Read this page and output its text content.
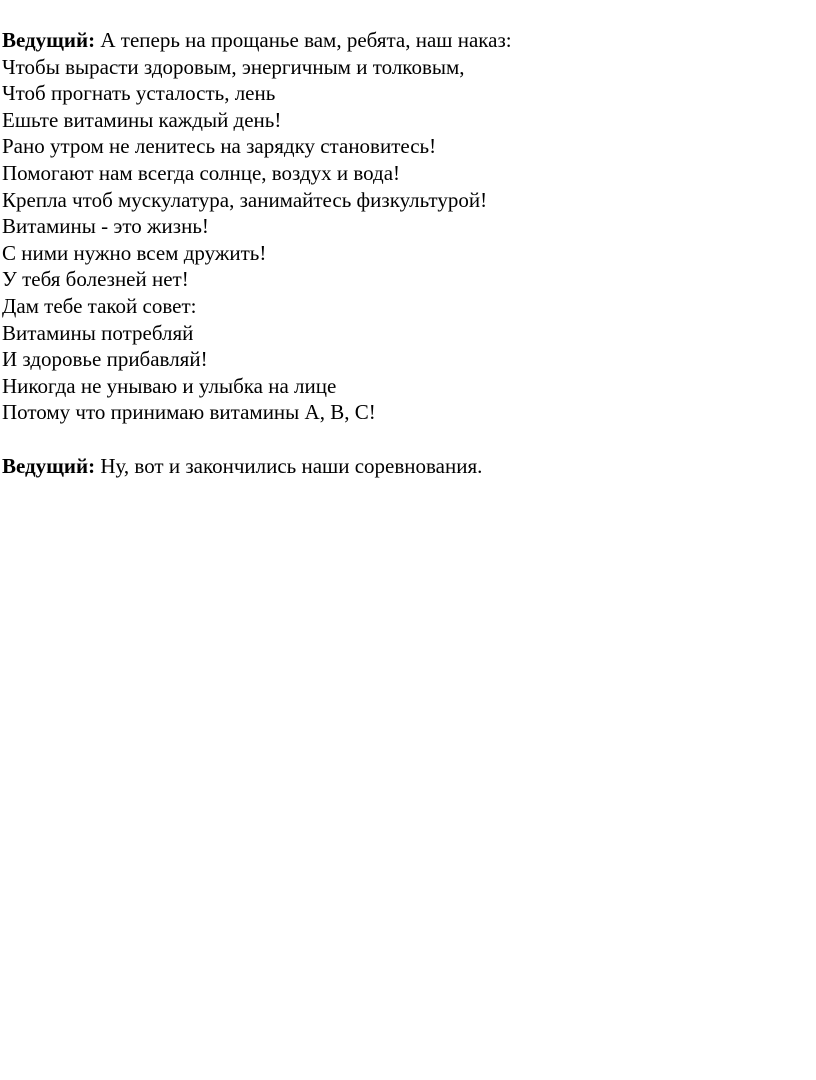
Ведущий: А теперь на прощанье вам, ребята, наш наказ:
Чтобы вырасти здоровым, энергичным и толковым,
Чтоб прогнать усталость, лень
Ешьте витамины каждый день!
Рано утром не ленитесь на зарядку становитесь!
Помогают нам всегда солнце, воздух и вода!
Крепла чтоб мускулатура, занимайтесь физкультурой!
Витамины - это жизнь!
С ними нужно всем дружить!
У тебя болезней нет!
Дам тебе такой совет:
Витамины потребляй
И здоровье прибавляй!
Никогда не унываю и улыбка на лице
Потому что принимаю витамины А, В, С!
Ведущий: Ну, вот и закончились наши соревнования.
